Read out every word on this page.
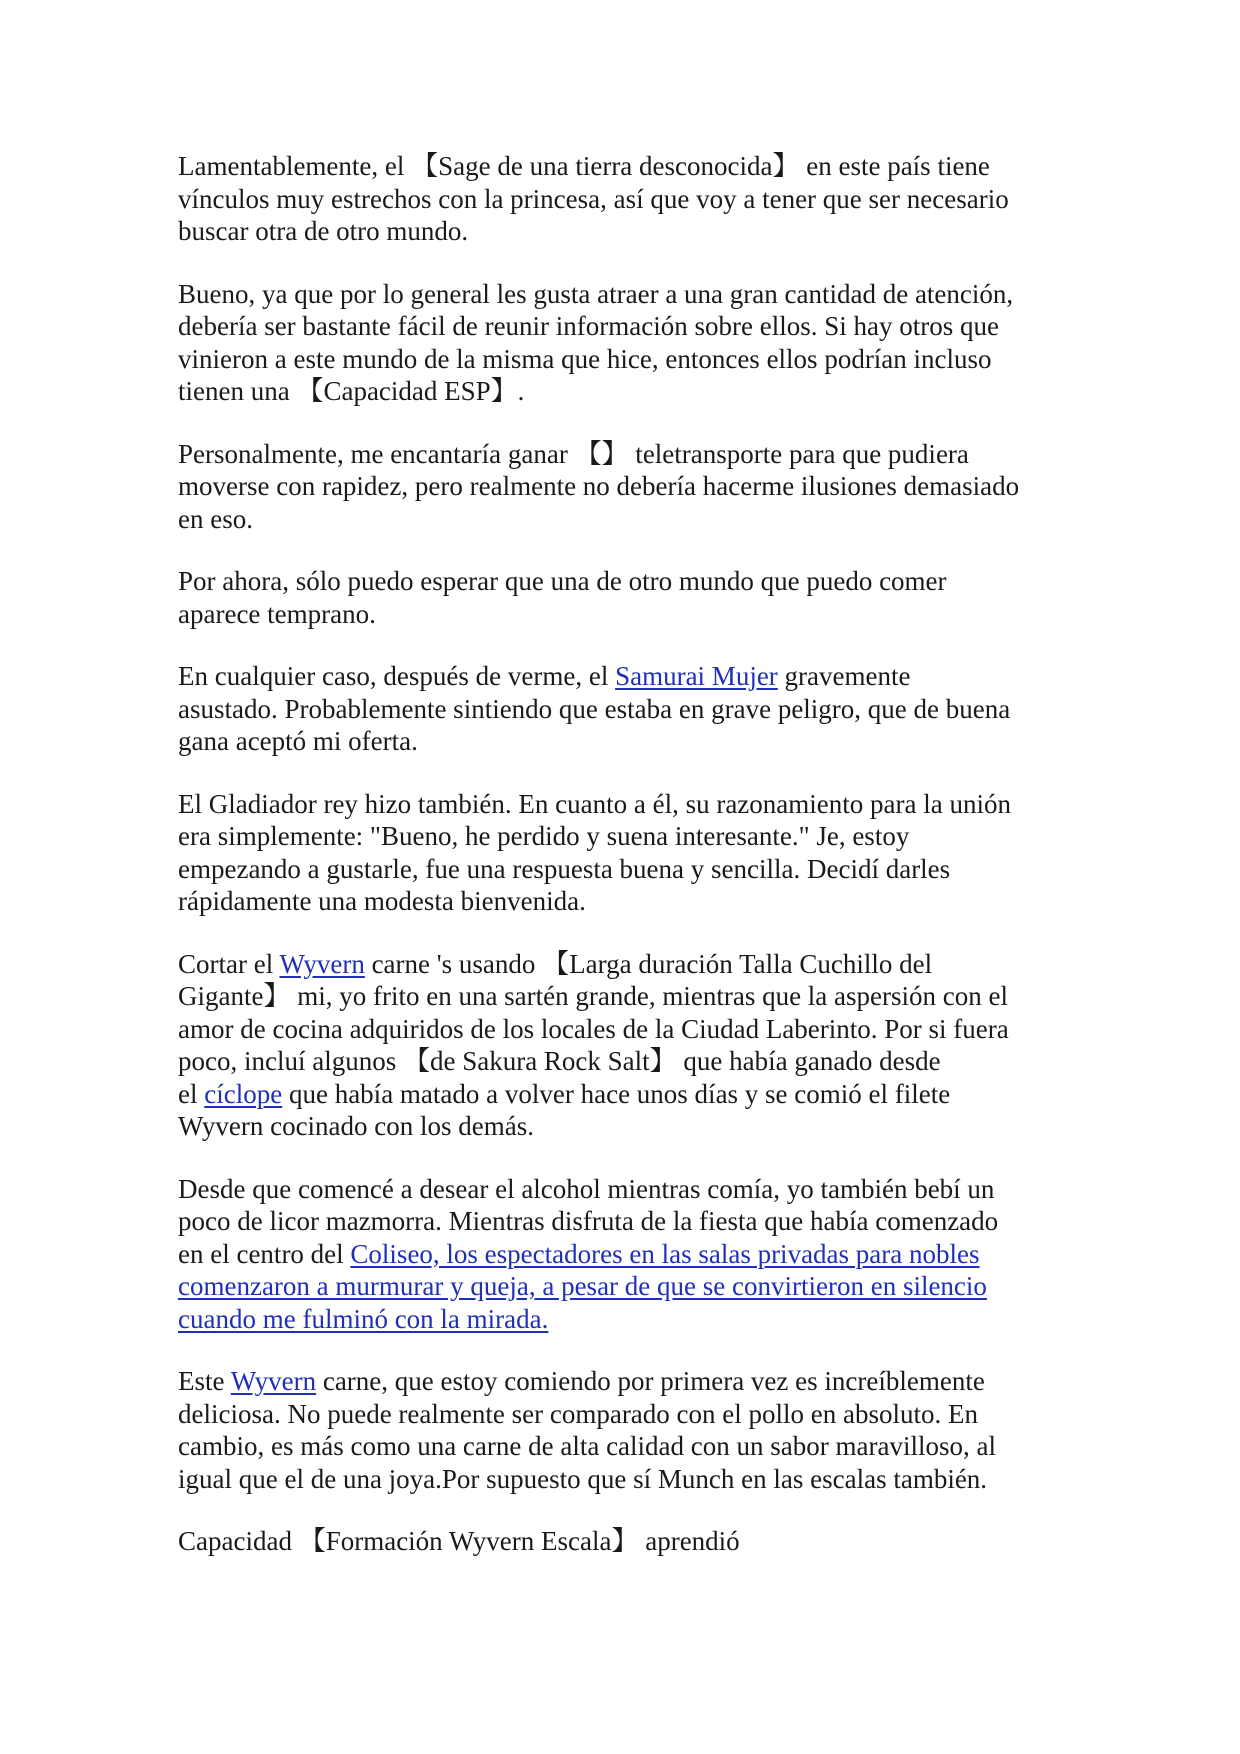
Lamentablemente, el 【Sage de una tierra desconocida】 en este país tiene
vínculos muy estrechos con la princesa, así que voy a tener que ser necesario
buscar otra de otro mundo.

Bueno, ya que por lo general les gusta atraer a una gran cantidad de atención,
debería ser bastante fácil de reunir información sobre ellos. Si hay otros que
vinieron a este mundo de la misma que hice, entonces ellos podrían incluso
tienen una 【Capacidad ESP】.

Personalmente, me encantaría ganar 【】 teletransporte para que pudiera
moverse con rapidez, pero realmente no debería hacerme ilusiones demasiado
en eso.

Por ahora, sólo puedo esperar que una de otro mundo que puedo comer
aparece temprano.

En cualquier caso, después de verme, el Samurai Mujer gravemente
asustado. Probablemente sintiendo que estaba en grave peligro, que de buena
gana aceptó mi oferta.

El Gladiador rey hizo también. En cuanto a él, su razonamiento para la unión
era simplemente: "Bueno, he perdido y suena interesante." Je, estoy
empezando a gustarle, fue una respuesta buena y sencilla. Decidí darles
rápidamente una modesta bienvenida.

Cortar el Wyvern carne 's usando 【Larga duración Talla Cuchillo del
Gigante】 mi, yo frito en una sartén grande, mientras que la aspersión con el
amor de cocina adquiridos de los locales de la Ciudad Laberinto. Por si fuera
poco, incluí algunos 【de Sakura Rock Salt】 que había ganado desde
el cíclope que había matado a volver hace unos días y se comió el filete
Wyvern cocinado con los demás.

Desde que comencé a desear el alcohol mientras comía, yo también bebí un
poco de licor mazmorra. Mientras disfruta de la fiesta que había comenzado
en el centro del Coliseo, los espectadores en las salas privadas para nobles
comenzaron a murmurar y queja, a pesar de que se convirtieron en silencio
cuando me fulminó con la mirada.

Este Wyvern carne, que estoy comiendo por primera vez es increíblemente
deliciosa. No puede realmente ser comparado con el pollo en absoluto. En
cambio, es más como una carne de alta calidad con un sabor maravilloso, al
igual que el de una joya.Por supuesto que sí Munch en las escalas también.

Capacidad 【Formación Wyvern Escala】 aprendió
